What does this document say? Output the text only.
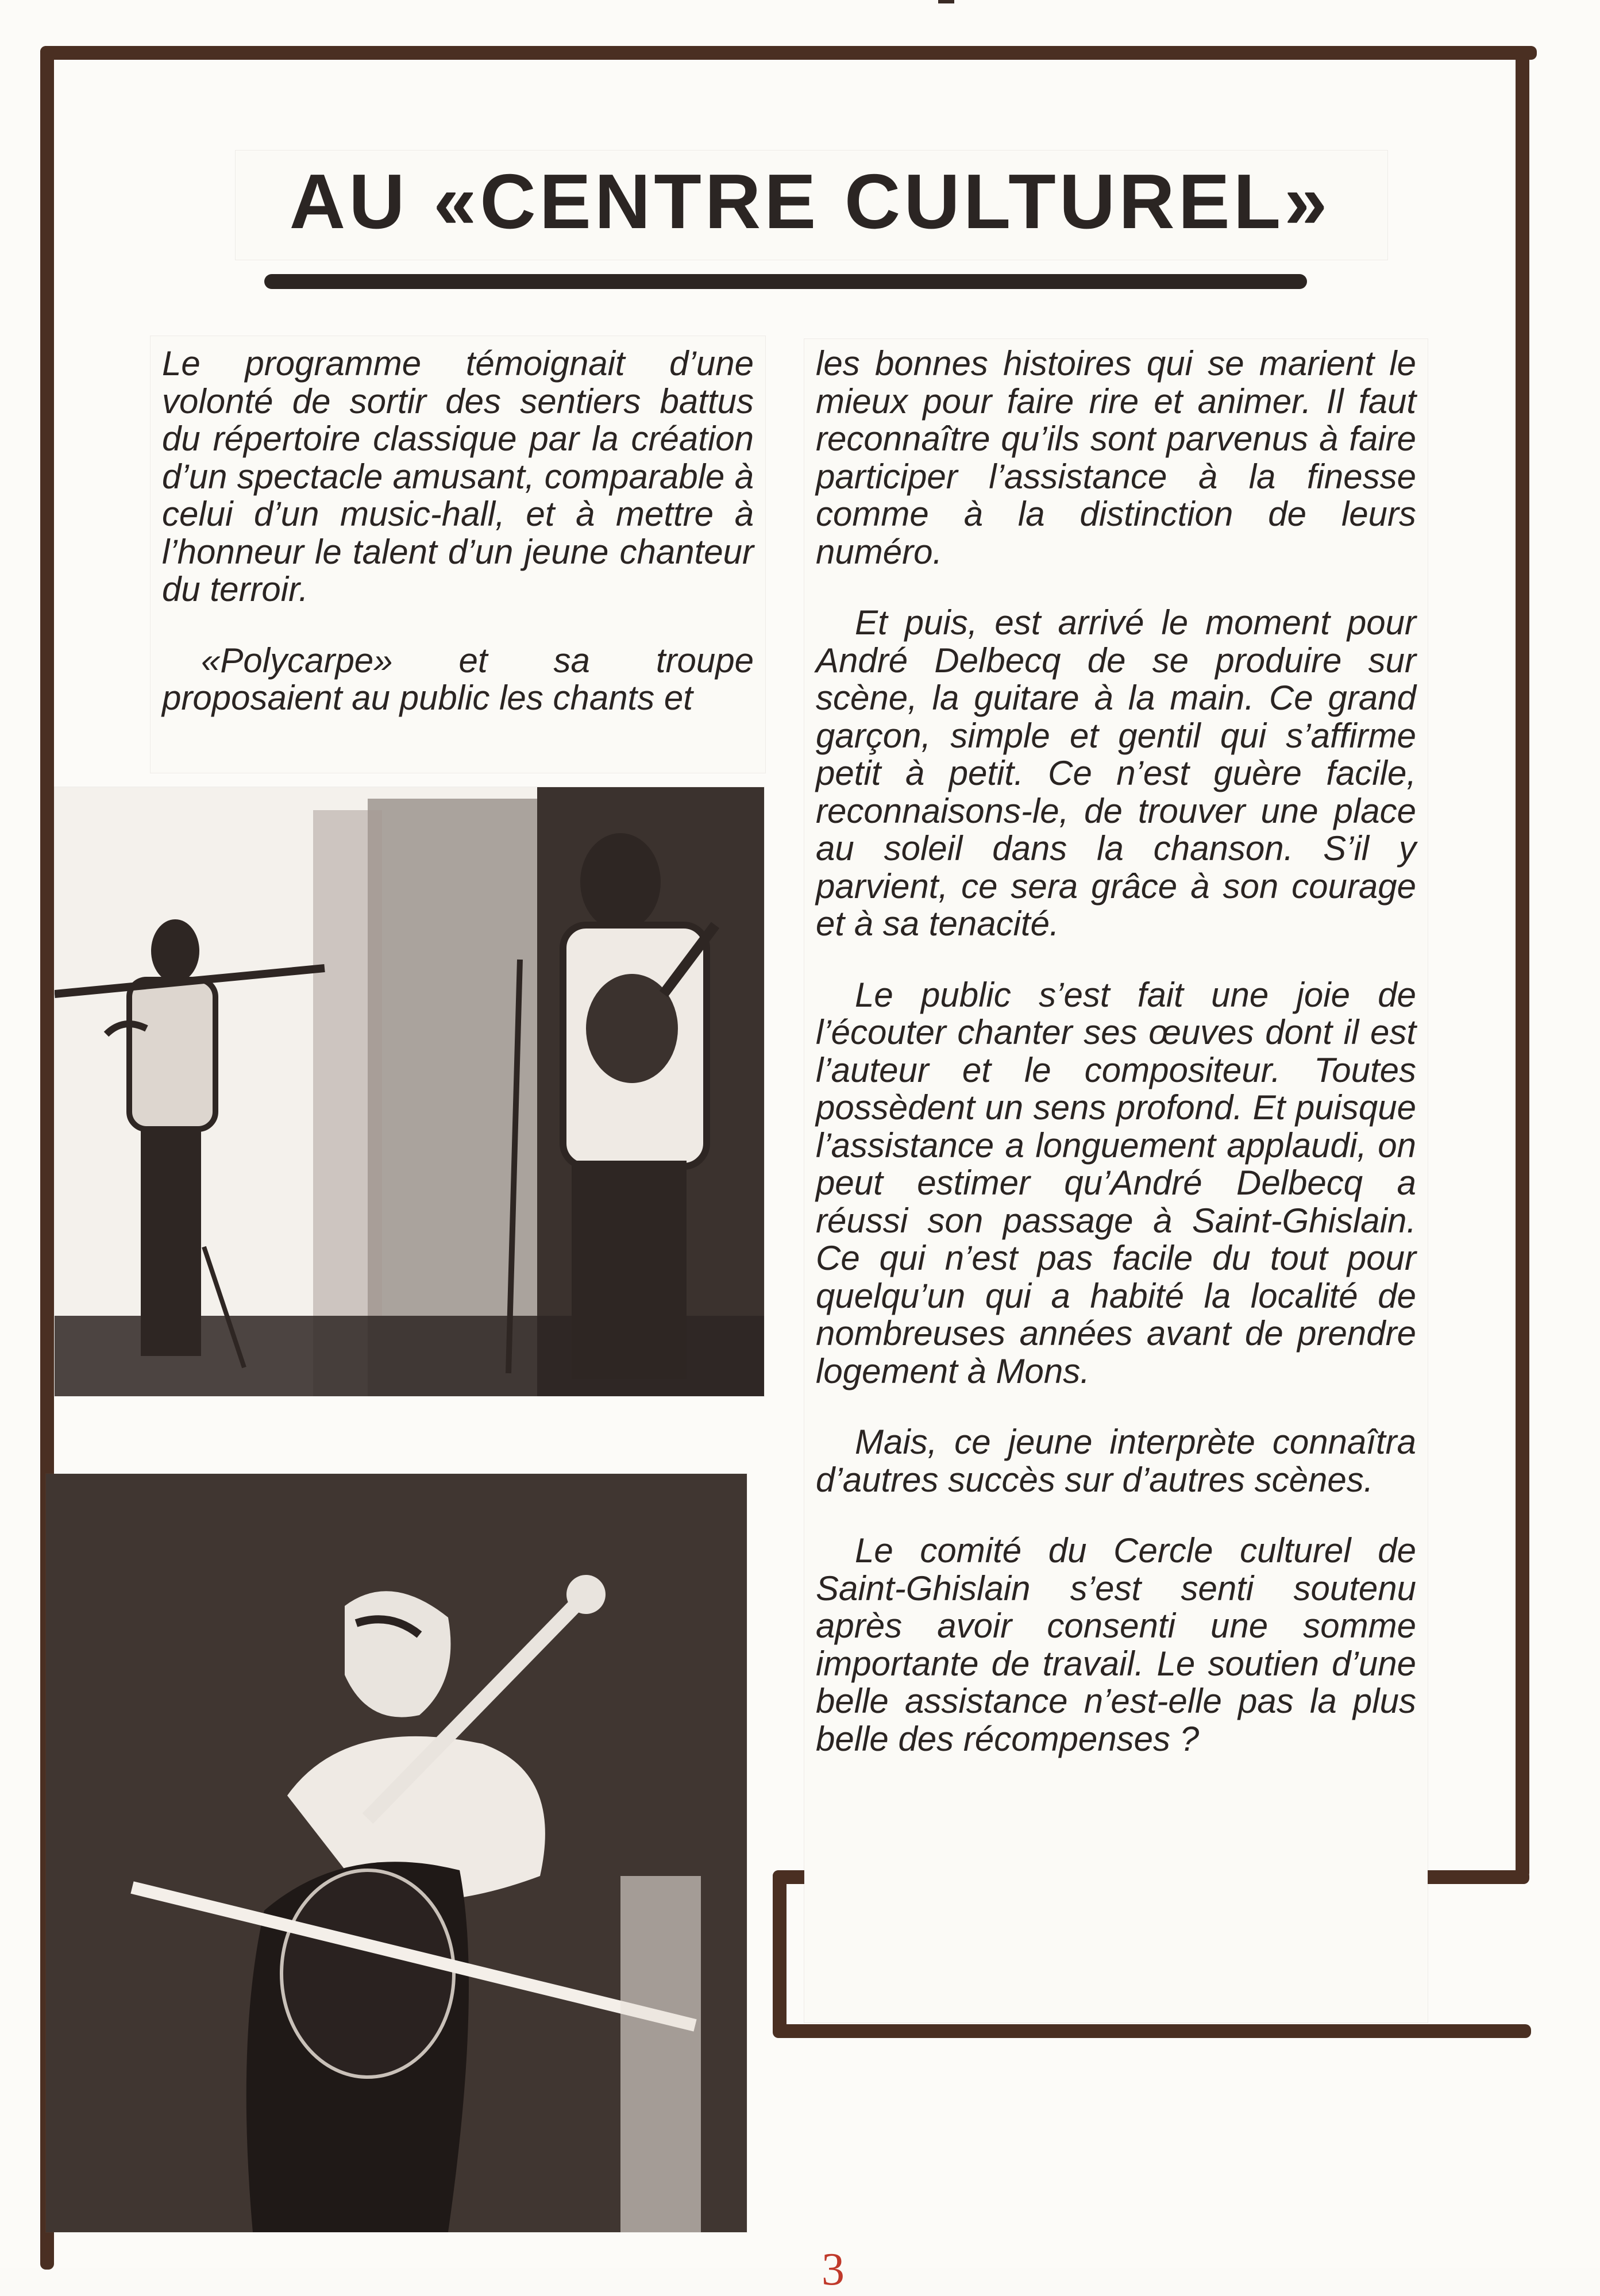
AU «CENTRE CULTUREL»

Le programme témoignait d’une volonté de sortir des sentiers battus du répertoire classique par la création d’un spectacle amusant, comparable à celui d’un music-hall, et à mettre à l’honneur le talent d’un jeune chanteur du terroir.

«Polycarpe» et sa troupe proposaient au public les chants et

les bonnes histoires qui se marient le mieux pour faire rire et animer. Il faut reconnaître qu’ils sont parvenus à faire participer l’assistance à la finesse comme à la distinction de leurs numéro.

Et puis, est arrivé le moment pour André Delbecq de se produire sur scène, la guitare à la main. Ce grand garçon, simple et gentil qui s’affirme petit à petit. Ce n’est guère facile, reconnaisons-le, de trouver une place au soleil dans la chanson. S’il y parvient, ce sera grâce à son courage et à sa tenacité.

Le public s’est fait une joie de l’écouter chanter ses œuves dont il est l’auteur et le compositeur. Toutes possèdent un sens profond. Et puisque l’assistance a longuement applaudi, on peut estimer qu’André Delbecq a réussi son passage à Saint-Ghislain. Ce qui n’est pas facile du tout pour quelqu’un qui a habité la localité de nombreuses années avant de prendre logement à Mons.

Mais, ce jeune interprète connaîtra d’autres succès sur d’autres scènes.

Le comité du Cercle culturel de Saint-Ghislain s’est senti soutenu après avoir consenti une somme importante de travail. Le soutien d’une belle assistance n’est-elle pas la plus belle des récompenses ?

3
